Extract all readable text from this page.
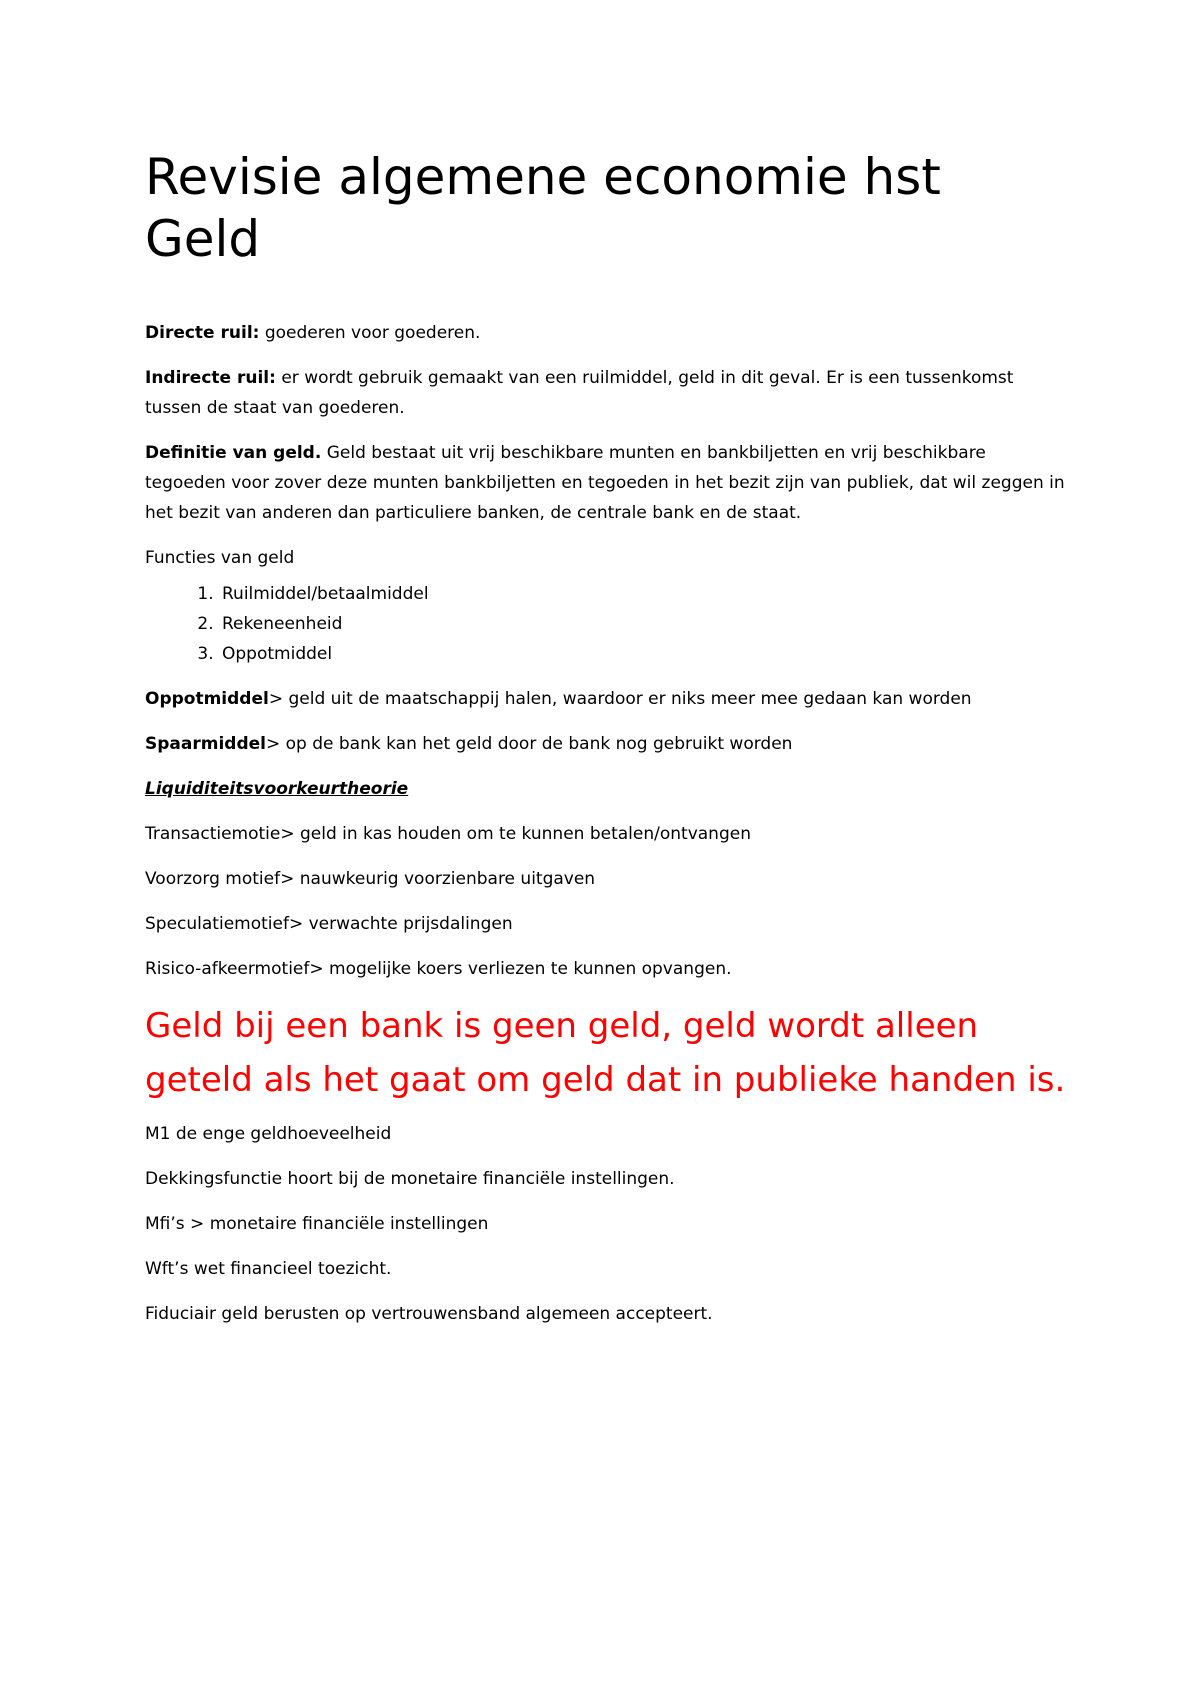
Revisie algemene economie hst Geld

Directe ruil: goederen voor goederen.

Indirecte ruil: er wordt gebruik gemaakt van een ruilmiddel, geld in dit geval. Er is een tussenkomst tussen de staat van goederen.

Definitie van geld. Geld bestaat uit vrij beschikbare munten en bankbiljetten en vrij beschikbare tegoeden voor zover deze munten bankbiljetten en tegoeden in het bezit zijn van publiek, dat wil zeggen in het bezit van anderen dan particuliere banken, de centrale bank en de staat.

Functies van geld

1. Ruilmiddel/betaalmiddel
2. Rekeneenheid
3. Oppotmiddel

Oppotmiddel> geld uit de maatschappij halen, waardoor er niks meer mee gedaan kan worden

Spaarmiddel> op de bank kan het geld door de bank nog gebruikt worden

Liquiditeitsvoorkeurtheorie

Transactiemotie> geld in kas houden om te kunnen betalen/ontvangen

Voorzorg motief> nauwkeurig voorzienbare uitgaven

Speculatiemotief> verwachte prijsdalingen

Risico-afkeermotief> mogelijke koers verliezen te kunnen opvangen.

Geld bij een bank is geen geld, geld wordt alleen geteld als het gaat om geld dat in publieke handen is.

M1 de enge geldhoeveelheid

Dekkingsfunctie hoort bij de monetaire financiële instellingen.

Mfi’s > monetaire financiële instellingen

Wft’s wet financieel toezicht.

Fiduciair geld berusten op vertrouwensband algemeen accepteert.
